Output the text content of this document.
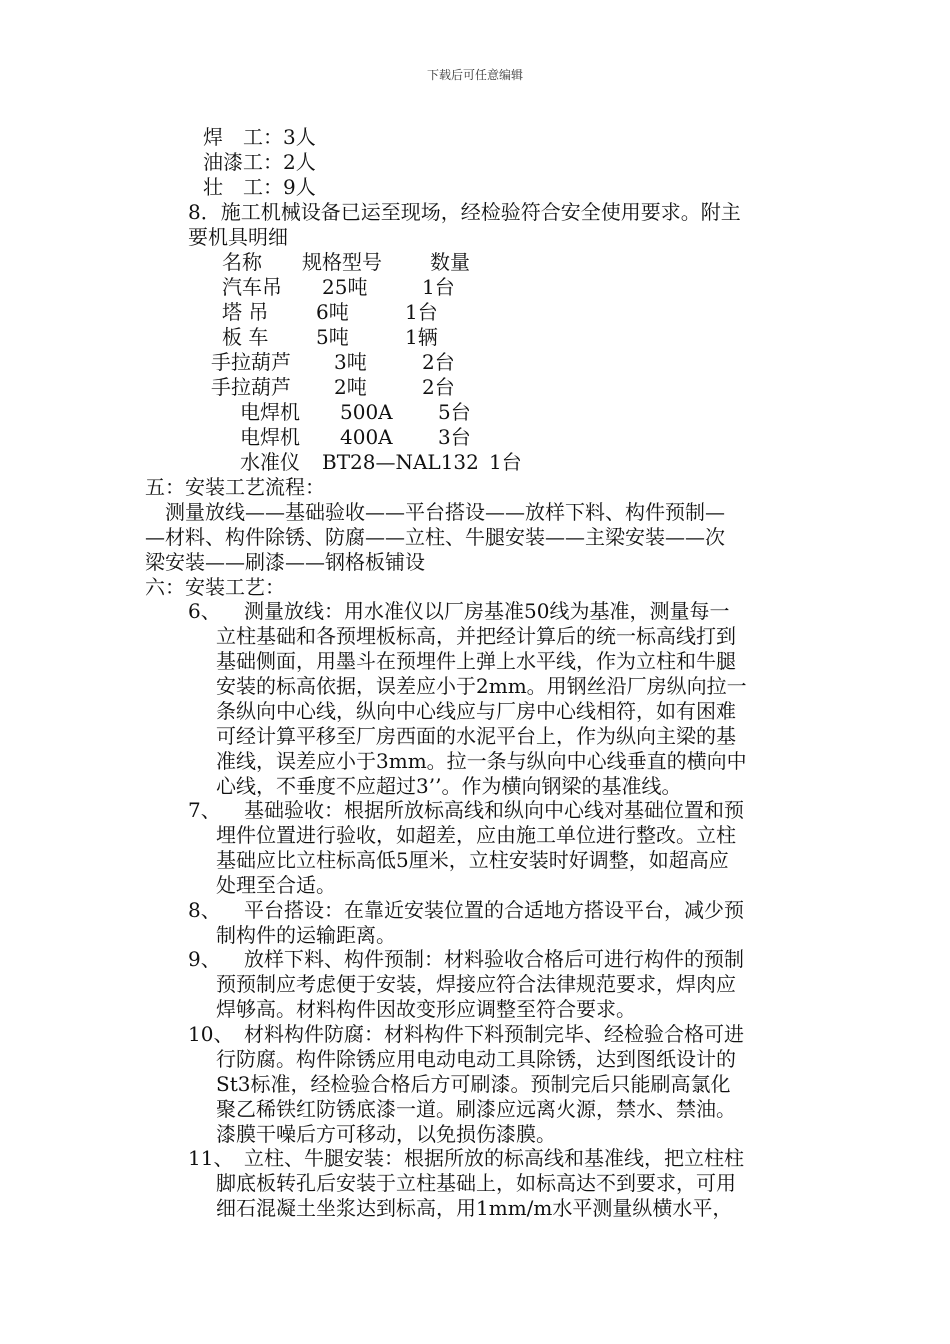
下载后可任意编辑
焊　工：3人
油漆工：2人
壮　工：9人
8．施工机械设备已运至现场，经检验符合安全使用要求。附主
要机具明细
名称 规格型号 数量
汽车吊 25吨	1台
塔 吊 6吨	1台
板 车 5吨	1辆
手拉葫芦 3吨	2台
手拉葫芦 2吨	2台
电焊机 500A 5台
电焊机 400A 3台
水准仪 BT28—NAL132 1台
五：安装工艺流程：
测量放线——基础验收——平台搭设——放样下料、构件预制—
—材料、构件除锈、防腐——立柱、牛腿安装——主梁安装——次
梁安装——刷漆——钢格板铺设
六：安装工艺：
6、 测量放线：用水准仪以厂房基准50线为基准，测量每一
立柱基础和各预埋板标高，并把经计算后的统一标高线打到
基础侧面，用墨斗在预埋件上弹上水平线，作为立柱和牛腿
安装的标高依据，误差应小于2mm。用钢丝沿厂房纵向拉一
条纵向中心线，纵向中心线应与厂房中心线相符，如有困难
可经计算平移至厂房西面的水泥平台上，作为纵向主梁的基
准线，误差应小于3mm。拉一条与纵向中心线垂直的横向中
心线，不垂度不应超过3’’。作为横向钢梁的基准线。
7、 基础验收：根据所放标高线和纵向中心线对基础位置和预
埋件位置进行验收，如超差，应由施工单位进行整改。立柱
基础应比立柱标高低5厘米，立柱安装时好调整，如超高应
处理至合适。
8、 平台搭设：在靠近安装位置的合适地方搭设平台，减少预
制构件的运输距离。
9、 放样下料、构件预制：材料验收合格后可进行构件的预制
预预制应考虑便于安装，焊接应符合法律规范要求，焊肉应
焊够高。材料构件因故变形应调整至符合要求。
10、 材料构件防腐：材料构件下料预制完毕、经检验合格可进
行防腐。构件除锈应用电动电动工具除锈，达到图纸设计的
St3标准，经检验合格后方可刷漆。预制完后只能刷高氯化
聚乙稀铁红防锈底漆一道。刷漆应远离火源，禁水、禁油。
漆膜干噪后方可移动，以免损伤漆膜。
11、 立柱、牛腿安装：根据所放的标高线和基准线，把立柱柱
脚底板转孔后安装于立柱基础上，如标高达不到要求，可用
细石混凝土坐浆达到标高，用1mm/m水平测量纵横水平，
